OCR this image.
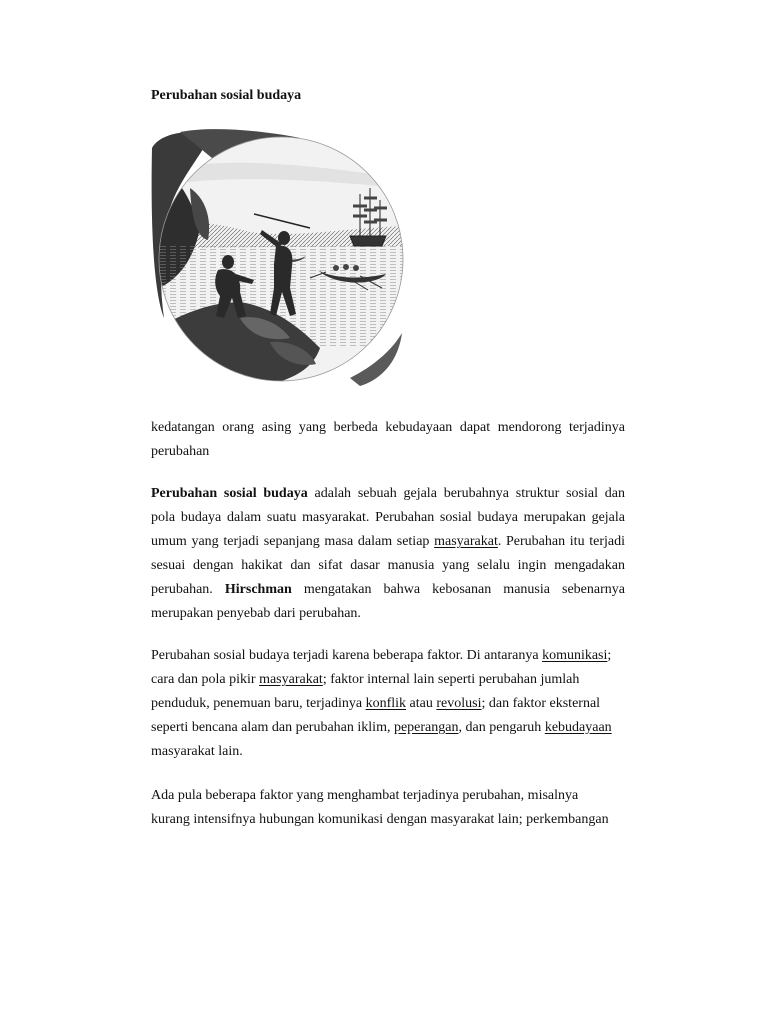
Perubahan sosial budaya
kedatangan orang asing yang berbeda kebudayaan dapat mendorong terjadinya
perubahan
Perubahan sosial budaya adalah sebuah gejala berubahnya struktur sosial dan
pola budaya dalam suatu masyarakat. Perubahan sosial budaya merupakan gejala
umum yang terjadi sepanjang masa dalam setiap masyarakat. Perubahan itu terjadi
sesuai dengan hakikat dan sifat dasar manusia yang selalu ingin mengadakan
perubahan. Hirschman mengatakan bahwa kebosanan manusia sebenarnya
merupakan penyebab dari perubahan.
Perubahan sosial budaya terjadi karena beberapa faktor. Di antaranya komunikasi;
cara dan pola pikir masyarakat; faktor internal lain seperti perubahan jumlah
penduduk, penemuan baru, terjadinya konflik atau revolusi; dan faktor eksternal
seperti bencana alam dan perubahan iklim, peperangan, dan pengaruh kebudayaan
masyarakat lain.
Ada pula beberapa faktor yang menghambat terjadinya perubahan, misalnya
kurang intensifnya hubungan komunikasi dengan masyarakat lain; perkembangan
